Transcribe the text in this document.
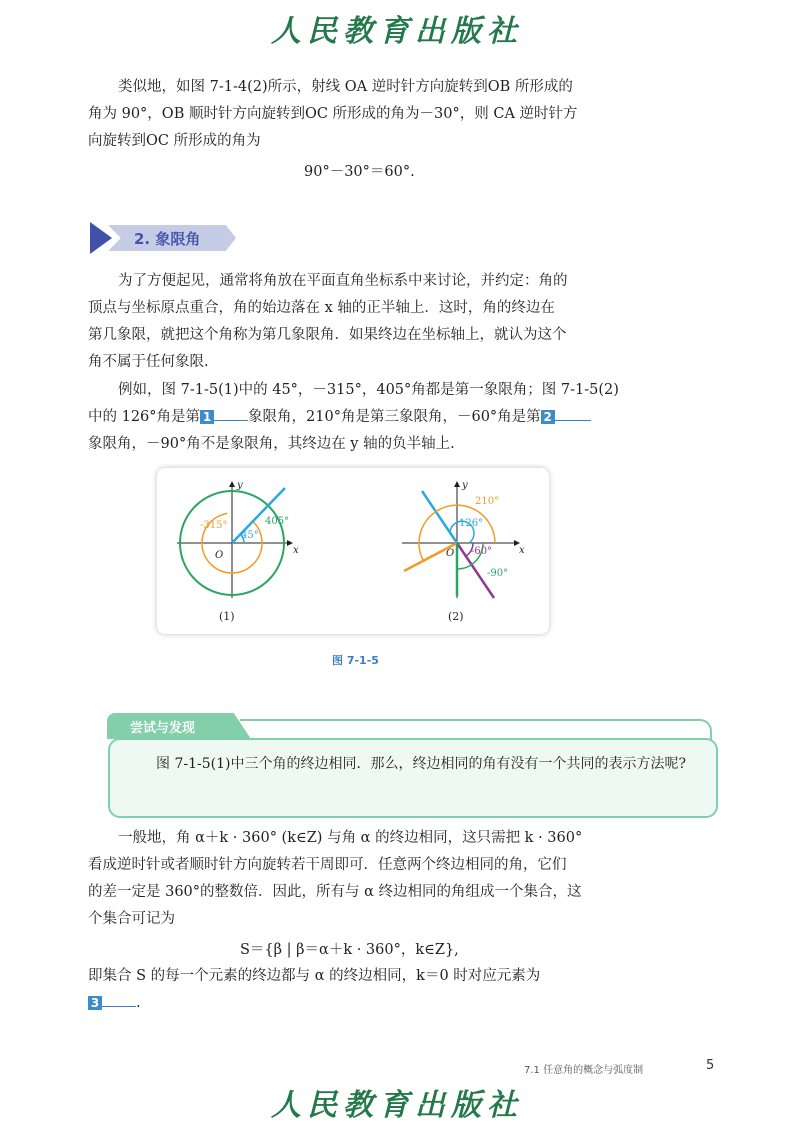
人民教育出版社

类似地，如图 7-1-4(2)所示，射线 OA 逆时针方向旋转到OB 所形成的

角为 90°，OB 顺时针方向旋转到OC 所形成的角为－30°，则 CA 逆时针方

向旋转到OC 所形成的角为

90°－30°＝60°.
2. 象限角

为了方便起见，通常将角放在平面直角坐标系中来讨论，并约定：角的

顶点与坐标原点重合，角的始边落在 x 轴的正半轴上．这时，角的终边在

第几象限，就把这个角称为第几象限角．如果终边在坐标轴上，就认为这个

角不属于任何象限.

例如，图 7-1-5(1)中的 45°，－315°，405°角都是第一象限角；图 7-1-5(2)

中的 126°角是第 1	象限角，210°角是第三象限角，－60°角是第 2

象限角，－90°角不是象限角，其终边在 y 轴的负半轴上.

x
y
O
405°
-315°
45°
(1)
x
y
O
210°
126°
-60°
-90°
(2)
图 7-1-5
尝试与发现
图 7-1-5(1)中三个角的终边相同．那么，终边相同的角有没有一个共同的表示方法呢?

一般地，角 α＋k · 360° (k∈Z) 与角 α 的终边相同，这只需把 k · 360°

看成逆时针或者顺时针方向旋转若干周即可．任意两个终边相同的角，它们

的差一定是 360°的整数倍．因此，所有与 α 终边相同的角组成一个集合，这

个集合可记为

S＝{β | β＝α＋k · 360°，k∈Z},

即集合 S 的每一个元素的终边都与 α 的终边相同，k＝0 时对应元素为

3	.

7.1 任意角的概念与弧度制	5
人民教育出版社
